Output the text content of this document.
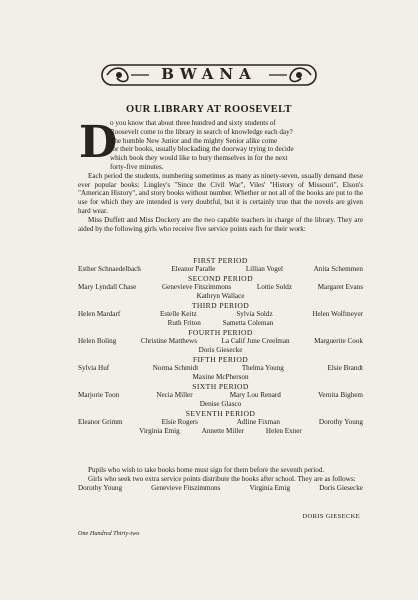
BWANA
OUR LIBRARY AT ROOSEVELT
D
o you know that about three hundred and sixty students of
Roosevelt come to the library in search of knowledge each day?
The humble New Junior and the mighty Senior alike come
for their books, usually blockading the doorway trying to decide
which book they would like to bury themselves in for the next
forty-five minutes.

Each period the students, numbering sometimes as many as ninety-seven, usually demand these ever popular books: Lingley's "Since the Civil War", Viles' "History of Missouri", Elson's "American History", and story books without number. Whether or not all of the books are put to the use for which they are intended is very doubtful, but it is certainly true that the novels are given hard wear.

Miss Duffett and Miss Dockery are the two capable teachers in charge of the library. They are aided by the following girls who receive five service points each for their work:

FIRST PERIOD
Esther Schnaedelbach	Eleanor Paralle	Lillian Vogel	Anita Schemmen
SECOND PERIOD
Mary Lyndall Chase	Genevieve Fitszimmons	Lottie Soldz	Margaret Evans
Kathryn Wallace
THIRD PERIOD
Helen Mardarf	Estelle Keitz	Sylvia Soldz	Helen Wolfmeyer
Ruth Friton	Sametta Coleman
FOURTH PERIOD
Helen Boling	Christine Matthews	La Calif June Creelman	Marguerite Cook
Doris Giesecke
FIFTH PERIOD
Sylvia Huf	Norma Schmidt	Thelma Young	Elsie Brandt
Maxine McPherson
SIXTH PERIOD
Marjorie Toon	Necia Miller	Mary Lou Renard	Vernita Bighem
Denise Glasco
SEVENTH PERIOD
Eleanor Grimm	Elsie Rogers	Adline Fixman	Dorothy Young
Virginia Emig	Annette Miller	Helen Exner

Pupils who wish to take books home must sign for them before the seventh period.

Girls who seek two extra service points distribute the books after school. They are as follows:

Dorothy Young	Genevieve Fitszimmons	Virginia Emig	Doris Giesecke
DORIS GIESECKE
One Hundred Thirty-two
